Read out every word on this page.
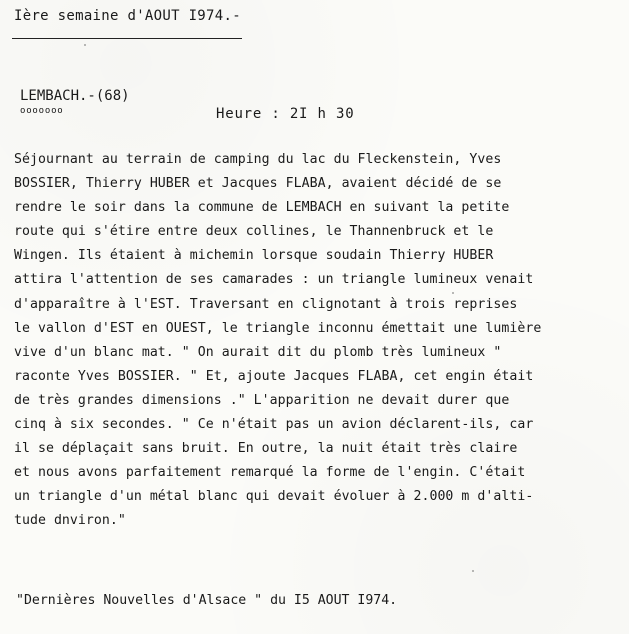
Ière semaine d'AOUT I974.-
LEMBACH.-(68)
ooooooo	Heure : 2I h 30
Séjournant au terrain de camping du lac du Fleckenstein, Yves
BOSSIER, Thierry HUBER et Jacques FLABA, avaient décidé de se
rendre le soir dans la commune de LEMBACH en suivant la petite
route qui s'étire entre deux collines, le Thannenbruck et le
Wingen. Ils étaient à michemin lorsque soudain Thierry HUBER
attira l'attention de ses camarades : un triangle lumineux venait
d'apparaître à l'EST. Traversant en clignotant à trois reprises
le vallon d'EST en OUEST, le triangle inconnu émettait une lumière
vive d'un blanc mat. " On aurait dit du plomb très lumineux "
raconte Yves BOSSIER. " Et, ajoute Jacques FLABA, cet engin était
de très grandes dimensions ." L'apparition ne devait durer que
cinq à six secondes. " Ce n'était pas un avion déclarent-ils, car
il se déplaçait sans bruit. En outre, la nuit était très claire
et nous avons parfaitement remarqué la forme de l'engin. C'était
un triangle d'un métal blanc qui devait évoluer à 2.000 m d'alti-
tude dnviron."
"Dernières Nouvelles d'Alsace " du I5 AOUT I974.
